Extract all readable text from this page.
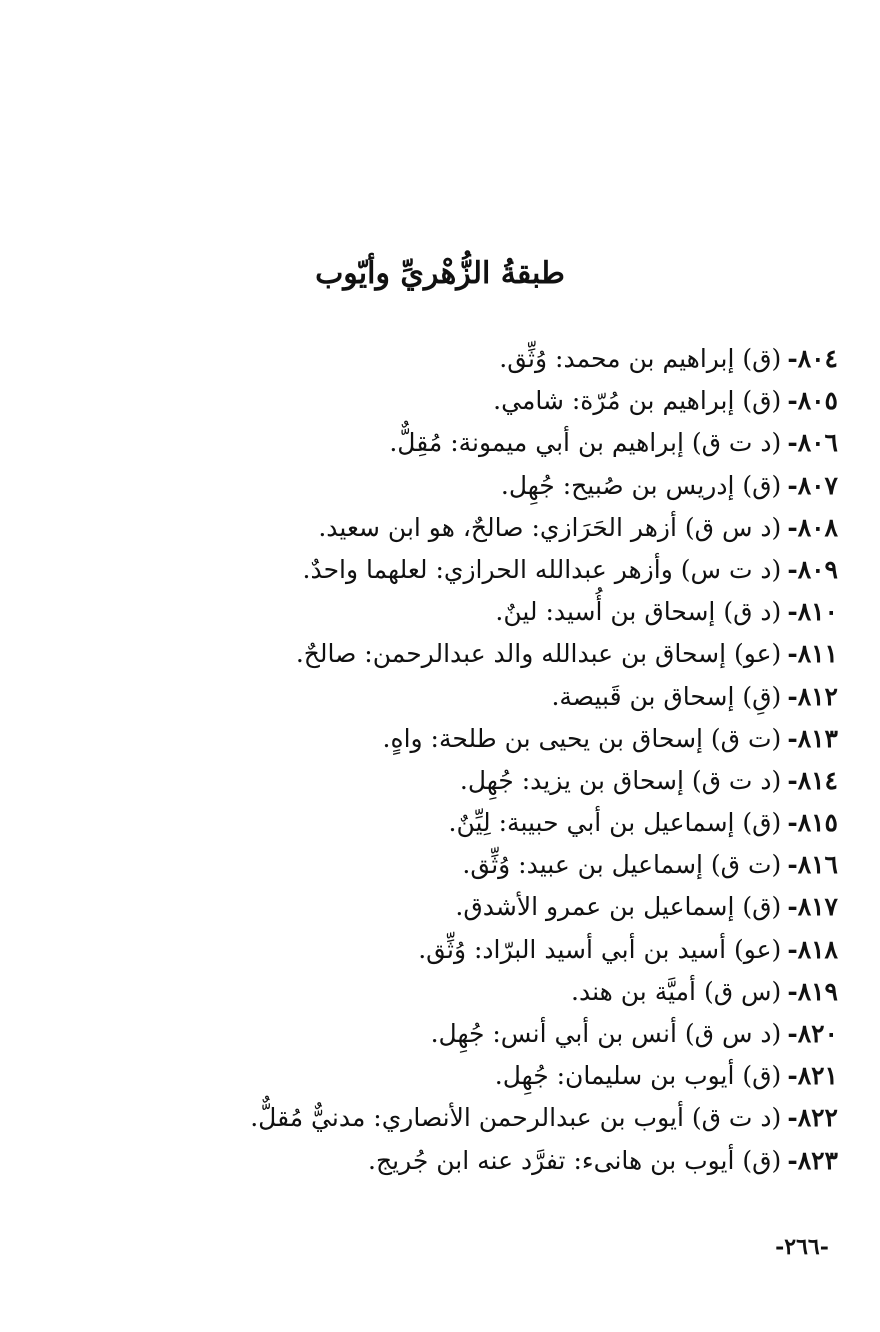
طبقةُ الزُّهْريِّ وأيّوب
٨٠٤-(ق) إبراهيم بن محمد: وُثِّق.
٨٠٥-(ق) إبراهيم بن مُرّة: شامي.
٨٠٦-(د ت ق) إبراهيم بن أبي ميمونة: مُقِلٌّ.
٨٠٧-(ق) إدريس بن صُبيح: جُهِل.
٨٠٨-(د س ق) أزهر الحَرَازي: صالحٌ، هو ابن سعيد.
٨٠٩-(د ت س) وأزهر عبدالله الحرازي: لعلهما واحدٌ.
٨١٠-(د ق) إسحاق بن أُسيد: لينٌ.
٨١١-(عو) إسحاق بن عبدالله والد عبدالرحمن: صالحٌ.
٨١٢-(قِ) إسحاق بن قَبيصة.
٨١٣-(ت ق) إسحاق بن يحيى بن طلحة: واهٍ.
٨١٤-(د ت ق) إسحاق بن يزيد: جُهِل.
٨١٥-(ق) إسماعيل بن أبي حبيبة: لِيِّنٌ.
٨١٦-(ت ق) إسماعيل بن عبيد: وُثِّق.
٨١٧-(ق) إسماعيل بن عمرو الأشدق.
٨١٨-(عو) أسيد بن أبي أسيد البرّاد: وُثِّق.
٨١٩-(س ق) أميَّة بن هند.
٨٢٠-(د س ق) أنس بن أبي أنس: جُهِل.
٨٢١-(ق) أيوب بن سليمان: جُهِل.
٨٢٢-(د ت ق) أيوب بن عبدالرحمن الأنصاري: مدنيٌّ مُقلٌّ.
٨٢٣-(ق) أيوب بن هانىء: تفرَّد عنه ابن جُريج.
-٢٦٦-
